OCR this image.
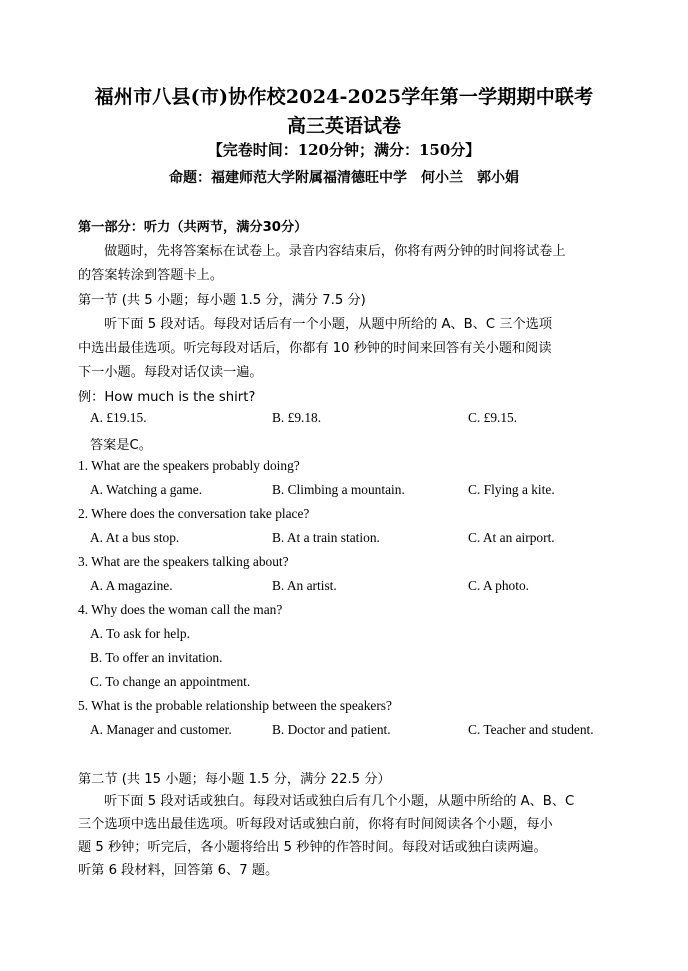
福州市八县(市)协作校2024-2025学年第一学期期中联考
高三英语试卷
【完卷时间：120分钟；满分：150分】
命题：福建师范大学附属福清德旺中学　何小兰　郭小娟
第一部分：听力（共两节，满分30分）
做题时，先将答案标在试卷上。录音内容结束后，你将有两分钟的时间将试卷上
的答案转涂到答题卡上。
第一节 (共 5 小题；每小题 1.5 分，满分 7.5 分)
听下面 5 段对话。每段对话后有一个小题，从题中所给的 A、B、C 三个选项
中选出最佳选项。听完每段对话后，你都有 10 秒钟的时间来回答有关小题和阅读
下一小题。每段对话仅读一遍。
例：How much is the shirt?
A. £19.15.	B. £9.18.	C. £9.15.
答案是C。
1. What are the speakers probably doing?
A. Watching a game.	B. Climbing a mountain.	C. Flying a kite.
2. Where does the conversation take place?
A. At a bus stop.	B. At a train station.	C. At an airport.
3. What are the speakers talking about?
A. A magazine.	B. An artist.	C. A photo.
4. Why does the woman call the man?
A. To ask for help.
B. To offer an invitation.
C. To change an appointment.
5. What is the probable relationship between the speakers?
A. Manager and customer.	B. Doctor and patient.	C. Teacher and student.
第二节 (共 15 小题；每小题 1.5 分，满分 22.5 分）
听下面 5 段对话或独白。每段对话或独白后有几个小题，从题中所给的 A、B、C
三个选项中选出最佳选项。听每段对话或独白前，你将有时间阅读各个小题，每小
题 5 秒钟；听完后，各小题将给出 5 秒钟的作答时间。每段对话或独白读两遍。
听第 6 段材料，回答第 6、7 题。
